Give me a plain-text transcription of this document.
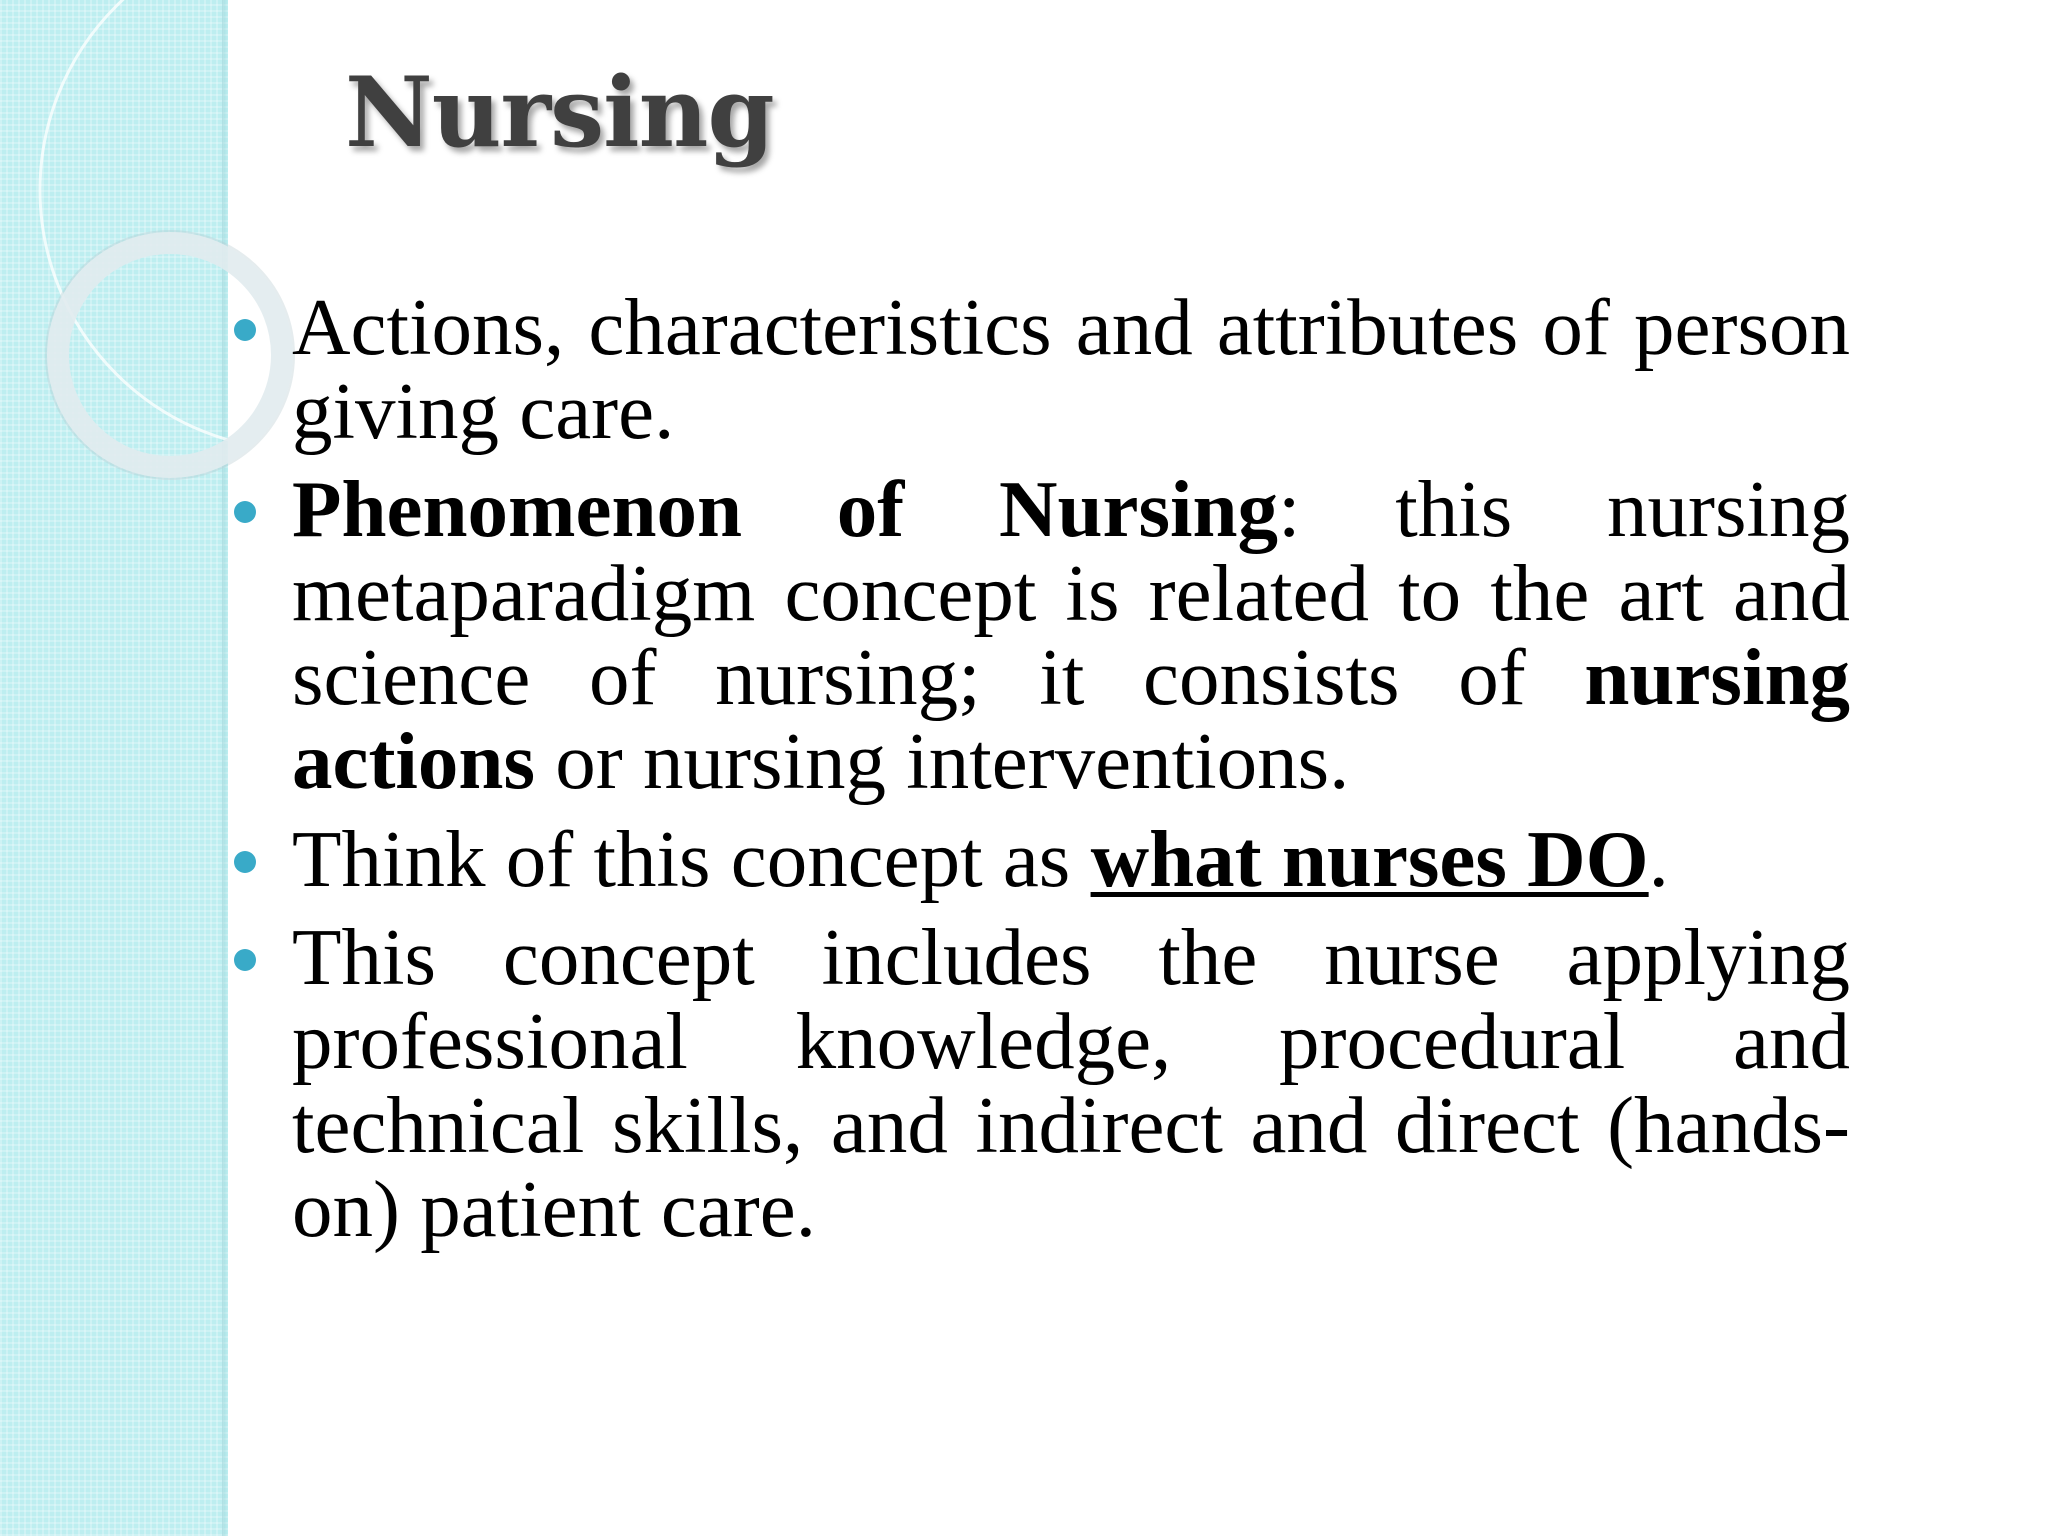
Nursing
Actions, characteristics and attributes of person giving care.
Phenomenon of Nursing: this nursing metaparadigm concept is related to the art and science of nursing; it consists of nursing actions or nursing interventions.
Think of this concept as what nurses DO.
This concept includes the nurse applying professional knowledge, procedural and technical skills, and indirect and direct (hands-on) patient care.
